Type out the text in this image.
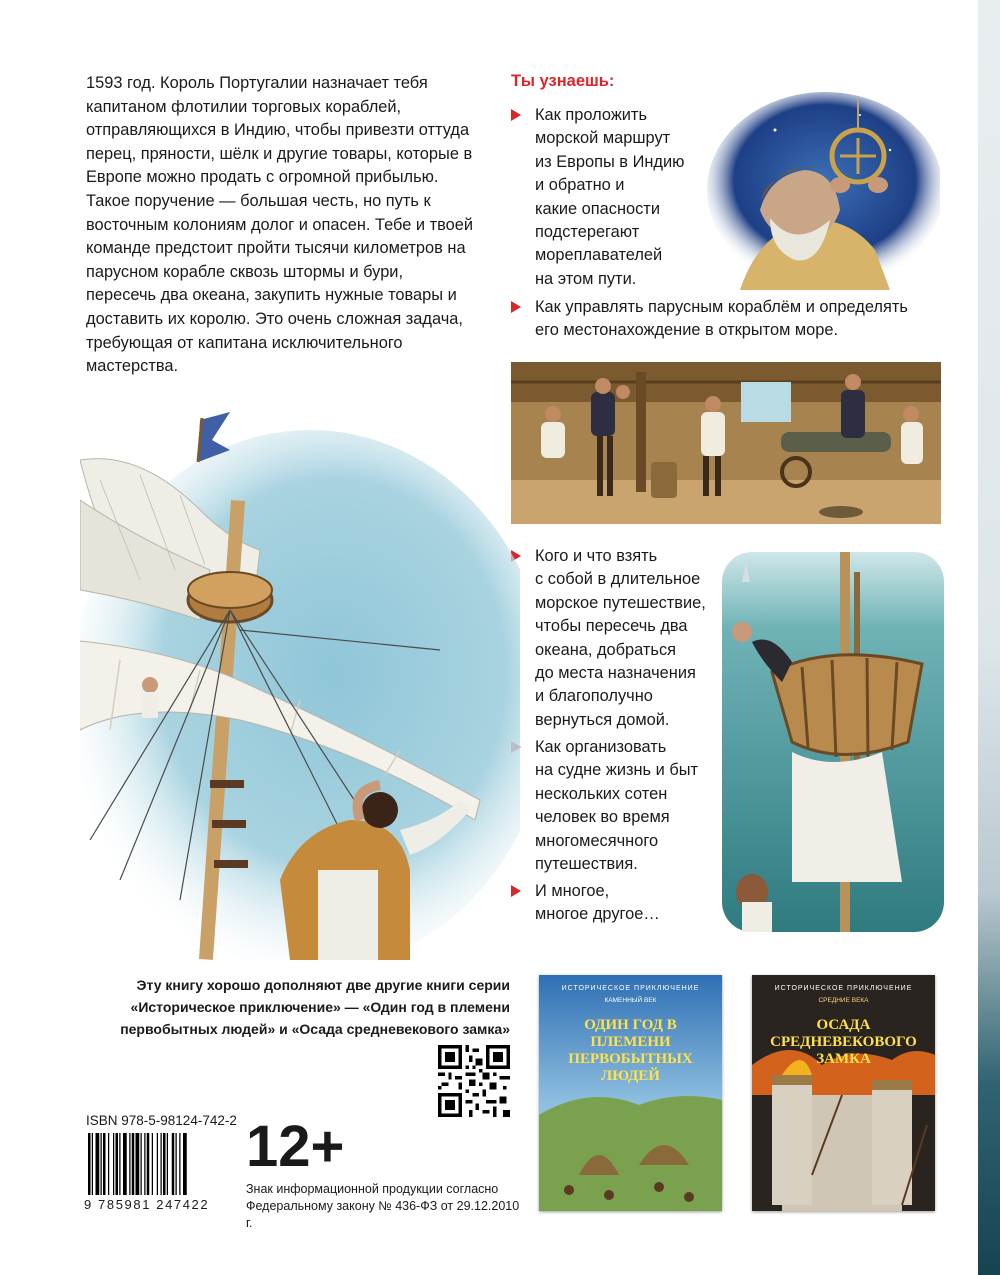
1593 год. Король Португалии назначает тебя капитаном флотилии торговых кораблей, отправляющихся в Индию, чтобы привезти оттуда перец, пряности, шёлк и другие товары, которые в Европе можно продать с огромной прибылью. Такое поручение — большая честь, но путь к восточным колониям долог и опасен. Тебе и твоей команде предстоит пройти тысячи километров на парусном корабле сквозь штормы и бури, пересечь два океана, закупить нужные товары и доставить их королю. Это очень сложная задача, требующая от капитана исключительного мастерства.

Ты узнаешь:

Как проложить
морской маршрут
из Европы в Индию
и обратно и
какие опасности
подстерегают
мореплавателей
на этом пути.
Как управлять парусным кораблём и определять
его местонахождение в открытом море.
Кого и что взять
с собой в длительное
морское путешествие,
чтобы пересечь два
океана, добраться
до места назначения
и благополучно
вернуться домой.
Как организовать
на судне жизнь и быт
нескольких сотен
человек во время
многомесячного
путешествия.
И многое,
многое другое…

Эту книгу хорошо дополняют две другие книги серии
«Историческое приключение» — «Один год в племени
первобытных людей» и «Осада средневекового замка»

ИСТОРИЧЕСКОЕ ПРИКЛЮЧЕНИЕ
КАМЕННЫЙ ВЕК
ОДИН ГОД В ПЛЕМЕНИ ПЕРВОБЫТНЫХ ЛЮДЕЙ
ИСТОРИЧЕСКОЕ ПРИКЛЮЧЕНИЕ
СРЕДНИЕ ВЕКА
ОСАДА СРЕДНЕВЕКОВОГО ЗАМКА

ISBN 978-5-98124-742-2

9 785981 247422

12+

Знак информационной продукции согласно
Федеральному закону № 436-ФЗ от 29.12.2010 г.
